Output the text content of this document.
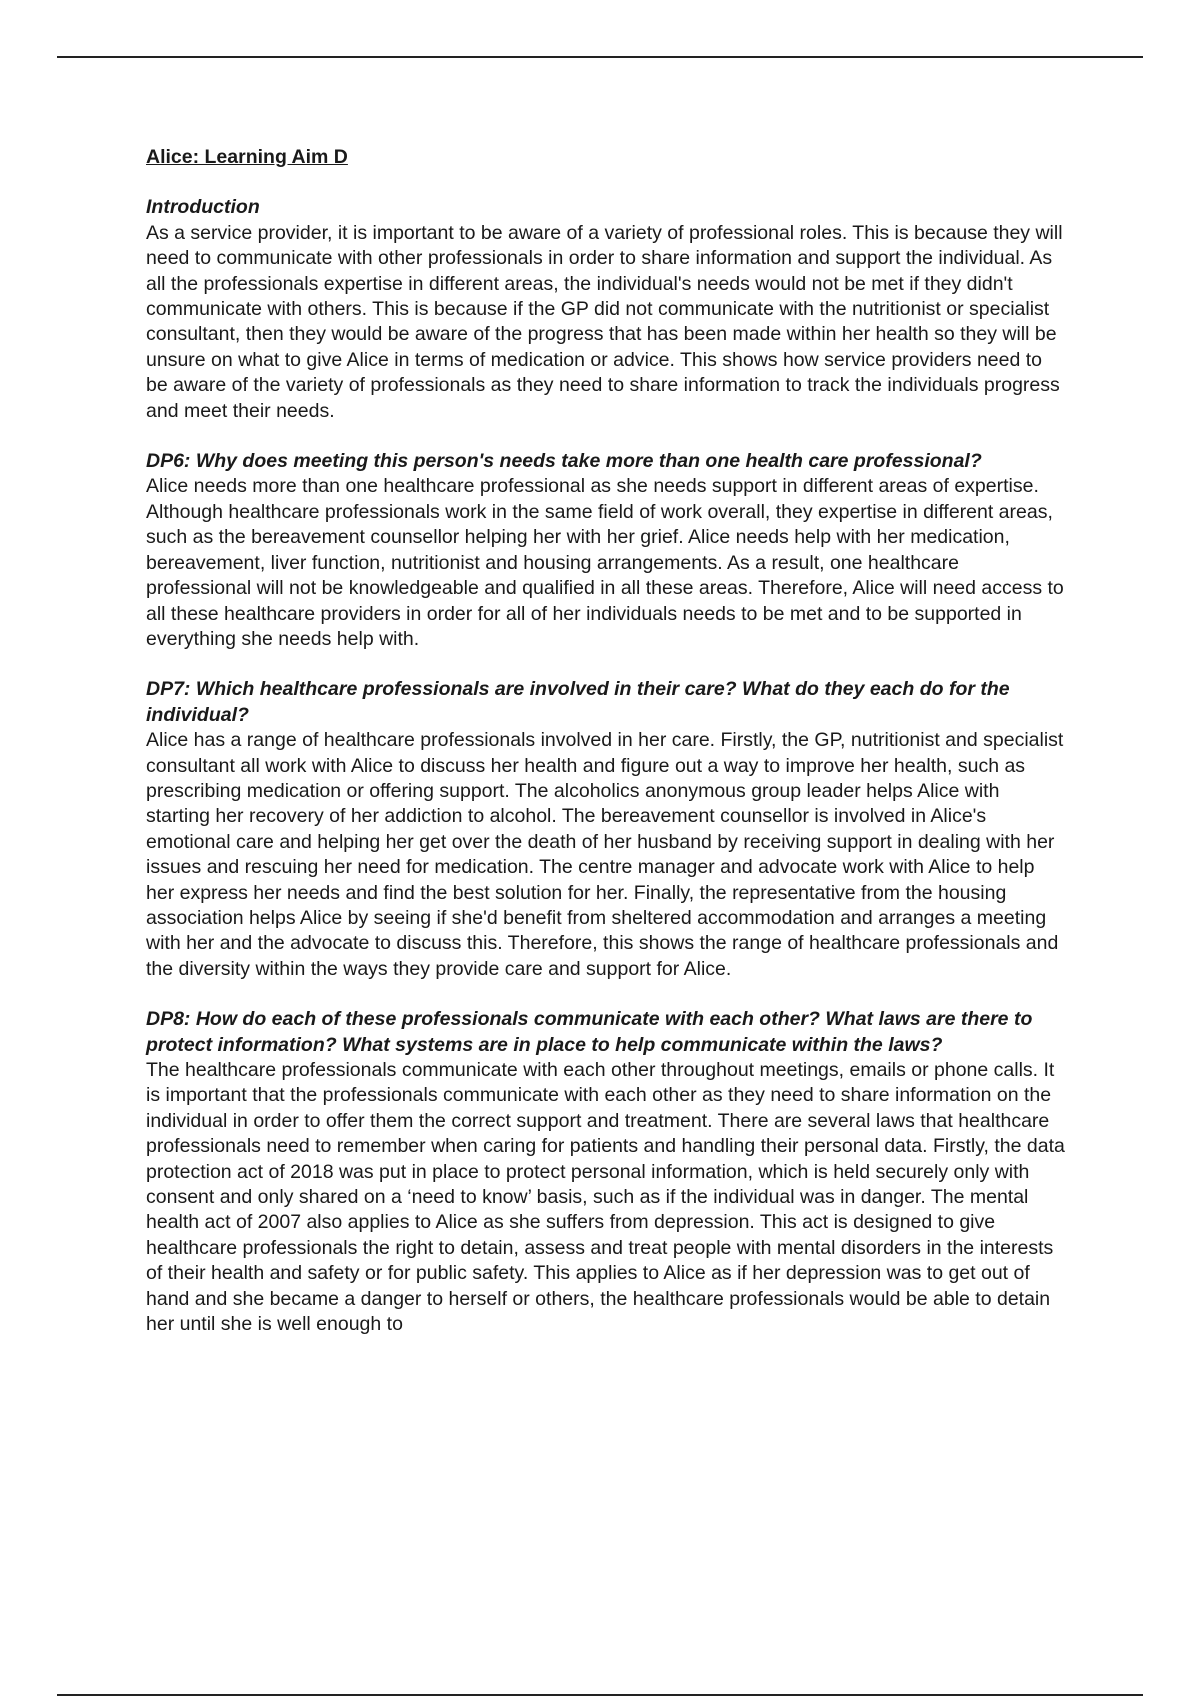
Alice: Learning Aim D

Introduction

As a service provider, it is important to be aware of a variety of professional roles. This is because they will need to communicate with other professionals in order to share information and support the individual. As all the professionals expertise in different areas, the individual's needs would not be met if they didn't communicate with others. This is because if the GP did not communicate with the nutritionist or specialist consultant, then they would be aware of the progress that has been made within her health so they will be unsure on what to give Alice in terms of medication or advice. This shows how service providers need to be aware of the variety of professionals as they need to share information to track the individuals progress and meet their needs.

DP6: Why does meeting this person's needs take more than one health care professional?

Alice needs more than one healthcare professional as she needs support in different areas of expertise. Although healthcare professionals work in the same field of work overall, they expertise in different areas, such as the bereavement counsellor helping her with her grief. Alice needs help with her medication, bereavement, liver function, nutritionist and housing arrangements. As a result, one healthcare professional will not be knowledgeable and qualified in all these areas. Therefore, Alice will need access to all these healthcare providers in order for all of her individuals needs to be met and to be supported in everything she needs help with.

DP7: Which healthcare professionals are involved in their care? What do they each do for the individual?

Alice has a range of healthcare professionals involved in her care. Firstly, the GP, nutritionist and specialist consultant all work with Alice to discuss her health and figure out a way to improve her health, such as prescribing medication or offering support. The alcoholics anonymous group leader helps Alice with starting her recovery of her addiction to alcohol. The bereavement counsellor is involved in Alice's emotional care and helping her get over the death of her husband by receiving support in dealing with her issues and rescuing her need for medication. The centre manager and advocate work with Alice to help her express her needs and find the best solution for her. Finally, the representative from the housing association helps Alice by seeing if she'd benefit from sheltered accommodation and arranges a meeting with her and the advocate to discuss this. Therefore, this shows the range of healthcare professionals and the diversity within the ways they provide care and support for Alice.

DP8: How do each of these professionals communicate with each other? What laws are there to protect information? What systems are in place to help communicate within the laws?

The healthcare professionals communicate with each other throughout meetings, emails or phone calls. It is important that the professionals communicate with each other as they need to share information on the individual in order to offer them the correct support and treatment. There are several laws that healthcare professionals need to remember when caring for patients and handling their personal data. Firstly, the data protection act of 2018 was put in place to protect personal information, which is held securely only with consent and only shared on a ‘need to know’ basis, such as if the individual was in danger. The mental health act of 2007 also applies to Alice as she suffers from depression. This act is designed to give healthcare professionals the right to detain, assess and treat people with mental disorders in the interests of their health and safety or for public safety. This applies to Alice as if her depression was to get out of hand and she became a danger to herself or others, the healthcare professionals would be able to detain her until she is well enough to
